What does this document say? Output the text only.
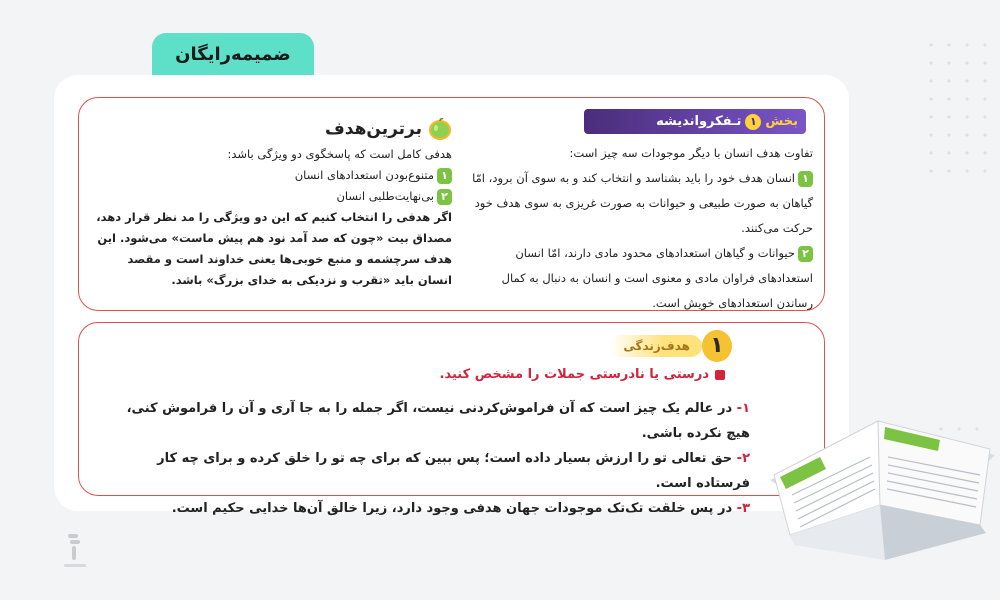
ضمیمه‌رایگان
بخش
۱
تـفکرواندیشه

تفاوت هدف انسان با دیگر موجودات سه چیز است:

۱انسان هدف خود را باید بشناسد و انتخاب کند و به سوی آن برود، امّا گیاهان به صورت طبیعی و حیوانات به صورت غریزی به سوی هدف خود حرکت می‌کنند.

۲حیوانات و گیاهان استعدادهای محدود مادی دارند، امّا انسان استعدادهای فراوان مادی و معنوی است و انسان به دنبال به کمال رساندن استعدادهای خویش است.

برترین‌هدف

هدفی کامل است که پاسخگوی دو ویژگی باشد:

۱متنوع‌بودن استعدادهای انسان

۲بی‌نهایت‌طلبی انسان

اگر هدفی را انتخاب کنیم که این دو ویژگی را مد نظر قرار دهد، مصداق بیت «چون که صد آمد نود هم پیش ماست» می‌شود. این هدف سرچشمه و منبع خوبی‌ها یعنی خداوند است و مقصد انسان باید «تقرب و نزدیکی به خدای بزرگ» باشد.

هدف‌زندگی ۱
درستی یا نادرستی جملات را مشخص کنید.

۱- در عالم یک چیز است که آن فراموش‌کردنی نیست، اگر جمله را به جا آری و آن را فراموش کنی، هیچ نکرده باشی.

۲- حق تعالی تو را ارزش بسیار داده است؛ پس ببین که برای چه تو را خلق کرده و برای چه کار فرستاده است.

۳- در پس خلقت تک‌تک موجودات جهان هدفی وجود دارد، زیرا خالق آن‌ها خدایی حکیم است.
